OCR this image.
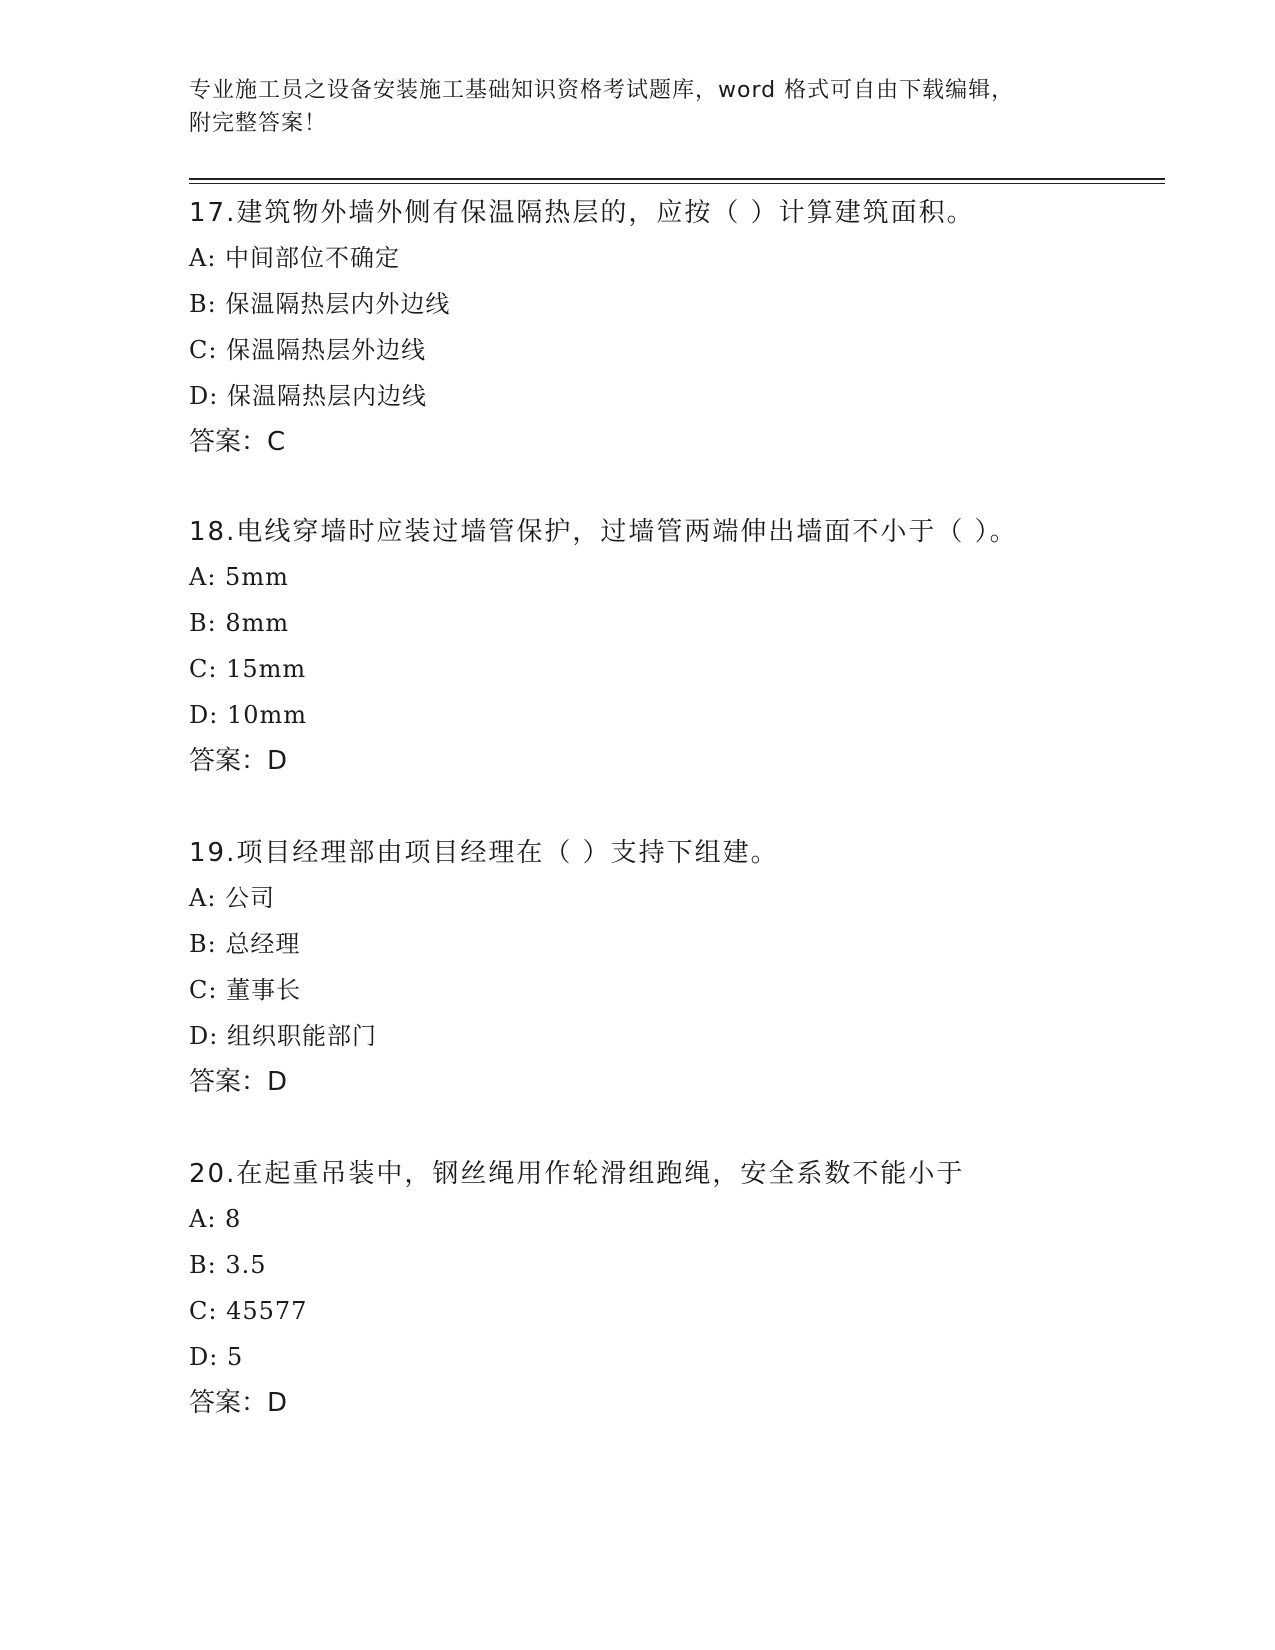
专业施工员之设备安装施工基础知识资格考试题库，word 格式可自由下载编辑，
附完整答案！
17.建筑物外墙外侧有保温隔热层的，应按（ ）计算建筑面积。
A: 中间部位不确定
B: 保温隔热层内外边线
C: 保温隔热层外边线
D: 保温隔热层内边线
答案：C
18.电线穿墙时应装过墙管保护，过墙管两端伸出墙面不小于（ ）。
A: 5mm
B: 8mm
C: 15mm
D: 10mm
答案：D
19.项目经理部由项目经理在（ ）支持下组建。
A: 公司
B: 总经理
C: 董事长
D: 组织职能部门
答案：D
20.在起重吊装中，钢丝绳用作轮滑组跑绳，安全系数不能小于
A: 8
B: 3.5
C: 45577
D: 5
答案：D
